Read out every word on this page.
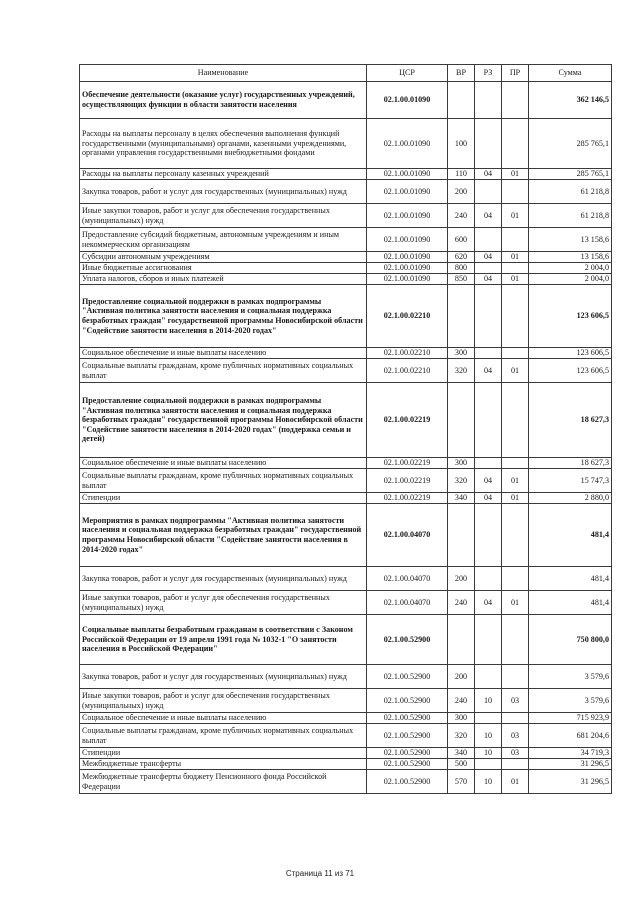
Наименование	ЦСР	ВР	РЗ	ПР	Сумма
Обеспечение деятельности (оказание услуг) государственных учреждений, осуществляющих функции в области занятости населения	02.1.00.01090				362 146,5
Расходы на выплаты персоналу в целях обеспечения выполнения функций государственными (муниципальными) органами, казенными учреждениями, органами управления государственными внебюджетными фондами	02.1.00.01090	100			285 765,1
Расходы на выплаты персоналу казенных учреждений	02.1.00.01090	110	04	01	285 765,1
Закупка товаров, работ и услуг для государственных (муниципальных) нужд	02.1.00.01090	200			61 218,8
Иные закупки товаров, работ и услуг для обеспечения государственных (муниципальных) нужд	02.1.00.01090	240	04	01	61 218,8
Предоставление субсидий бюджетным, автономным учреждениям и иным некоммерческим организациям	02.1.00.01090	600			13 158,6
Субсидии автономным учреждениям	02.1.00.01090	620	04	01	13 158,6
Иные бюджетные ассигнования	02.1.00.01090	800			2 004,0
Уплата налогов, сборов и иных платежей	02.1.00.01090	850	04	01	2 004,0
Предоставление социальной поддержки в рамках подпрограммы "Активная политика занятости населения и социальная поддержка безработных граждан" государственной программы Новосибирской области "Содействие занятости населения в 2014-2020 годах"	02.1.00.02210				123 606,5
Социальное обеспечение и иные выплаты населению	02.1.00.02210	300			123 606,5
Социальные выплаты гражданам, кроме публичных нормативных социальных выплат	02.1.00.02210	320	04	01	123 606,5
Предоставление социальной поддержки в рамках подпрограммы "Активная политика занятости населения и социальная поддержка безработных граждан" государственной программы Новосибирской области "Содействие занятости населения в 2014-2020 годах" (поддержка семьи и детей)	02.1.00.02219				18 627,3
Социальное обеспечение и иные выплаты населению	02.1.00.02219	300			18 627,3
Социальные выплаты гражданам, кроме публичных нормативных социальных выплат	02.1.00.02219	320	04	01	15 747,3
Стипендии	02.1.00.02219	340	04	01	2 880,0
Мероприятия в рамках подпрограммы "Активная политика занятости населения и социальная поддержка безработных граждан" государственной программы Новосибирской области "Содействие занятости населения в 2014-2020 годах"	02.1.00.04070				481,4
Закупка товаров, работ и услуг для государственных (муниципальных) нужд	02.1.00.04070	200			481,4
Иные закупки товаров, работ и услуг для обеспечения государственных (муниципальных) нужд	02.1.00.04070	240	04	01	481,4
Социальные выплаты безработным гражданам в соответствии с Законом Российской Федерации от 19 апреля 1991 года № 1032-1 "О занятости населения в Российской Федерации"	02.1.00.52900				750 800,0
Закупка товаров, работ и услуг для государственных (муниципальных) нужд	02.1.00.52900	200			3 579,6
Иные закупки товаров, работ и услуг для обеспечения государственных (муниципальных) нужд	02.1.00.52900	240	10	03	3 579,6
Социальное обеспечение и иные выплаты населению	02.1.00.52900	300			715 923,9
Социальные выплаты гражданам, кроме публичных нормативных социальных выплат	02.1.00.52900	320	10	03	681 204,6
Стипендии	02.1.00.52900	340	10	03	34 719,3
Межбюджетные трансферты	02.1.00.52900	500			31 296,5
Межбюджетные трансферты бюджету Пенсионного фонда Российской Федерации	02.1.00.52900	570	10	01	31 296,5
Страница 11 из 71
